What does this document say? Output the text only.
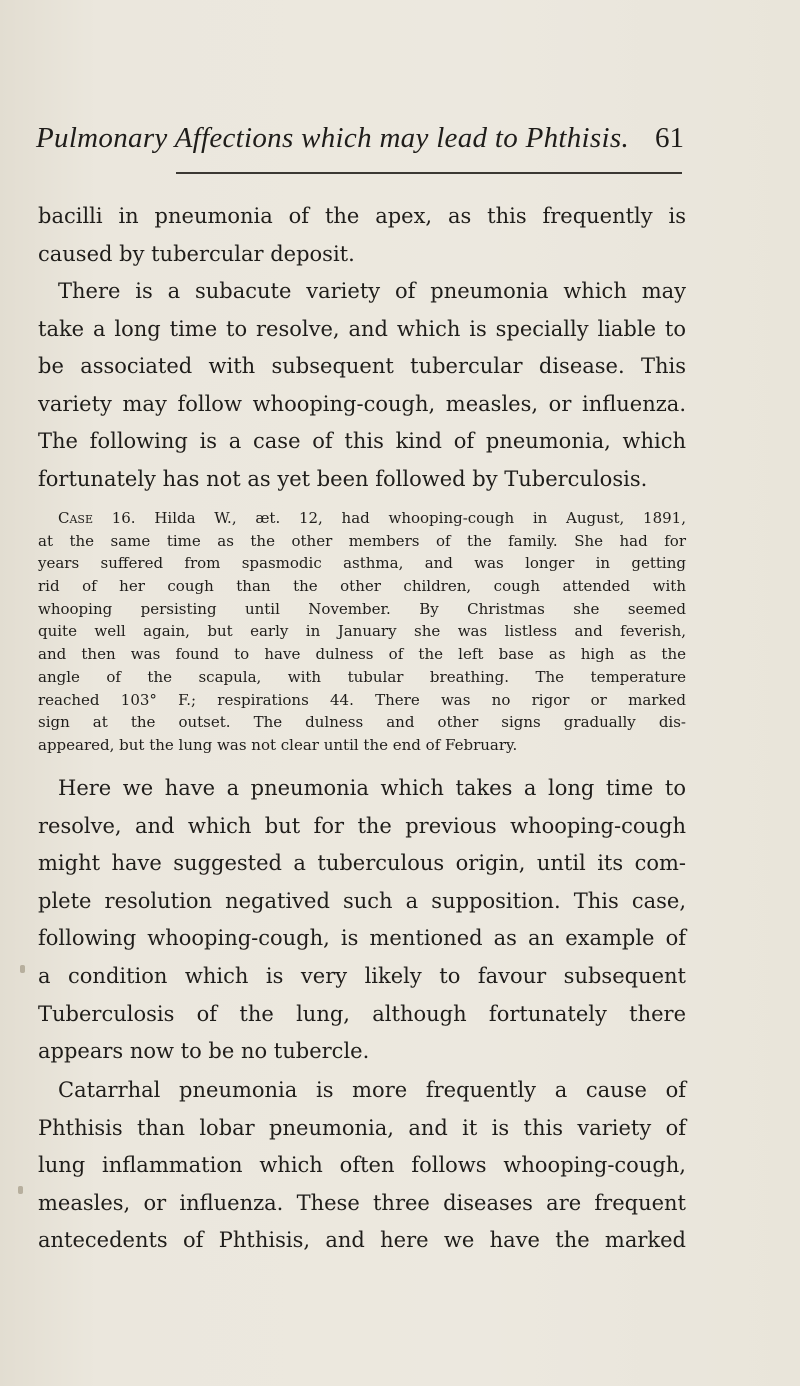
Pulmonary Affections which may lead to Phthisis. 61
bacilli in pneumonia of the apex, as this frequently is
caused by tubercular deposit.
There is a subacute variety of pneumonia which may
take a long time to resolve, and which is specially liable to
be associated with subsequent tubercular disease. This
variety may follow whooping-cough, measles, or influenza.
The following is a case of this kind of pneumonia, which
fortunately has not as yet been followed by Tuberculosis.
Case 16. Hilda W., æt. 12, had whooping-cough in August, 1891,
at the same time as the other members of the family. She had for
years suffered from spasmodic asthma, and was longer in getting
rid of her cough than the other children, cough attended with
whooping persisting until November. By Christmas she seemed
quite well again, but early in January she was listless and feverish,
and then was found to have dulness of the left base as high as the
angle of the scapula, with tubular breathing. The temperature
reached 103° F.; respirations 44. There was no rigor or marked
sign at the outset. The dulness and other signs gradually dis-
appeared, but the lung was not clear until the end of February.
Here we have a pneumonia which takes a long time to
resolve, and which but for the previous whooping-cough
might have suggested a tuberculous origin, until its com-
plete resolution negatived such a supposition. This case,
following whooping-cough, is mentioned as an example of
a condition which is very likely to favour subsequent
Tuberculosis of the lung, although fortunately there
appears now to be no tubercle.
Catarrhal pneumonia is more frequently a cause of
Phthisis than lobar pneumonia, and it is this variety of
lung inflammation which often follows whooping-cough,
measles, or influenza. These three diseases are frequent
antecedents of Phthisis, and here we have the marked
